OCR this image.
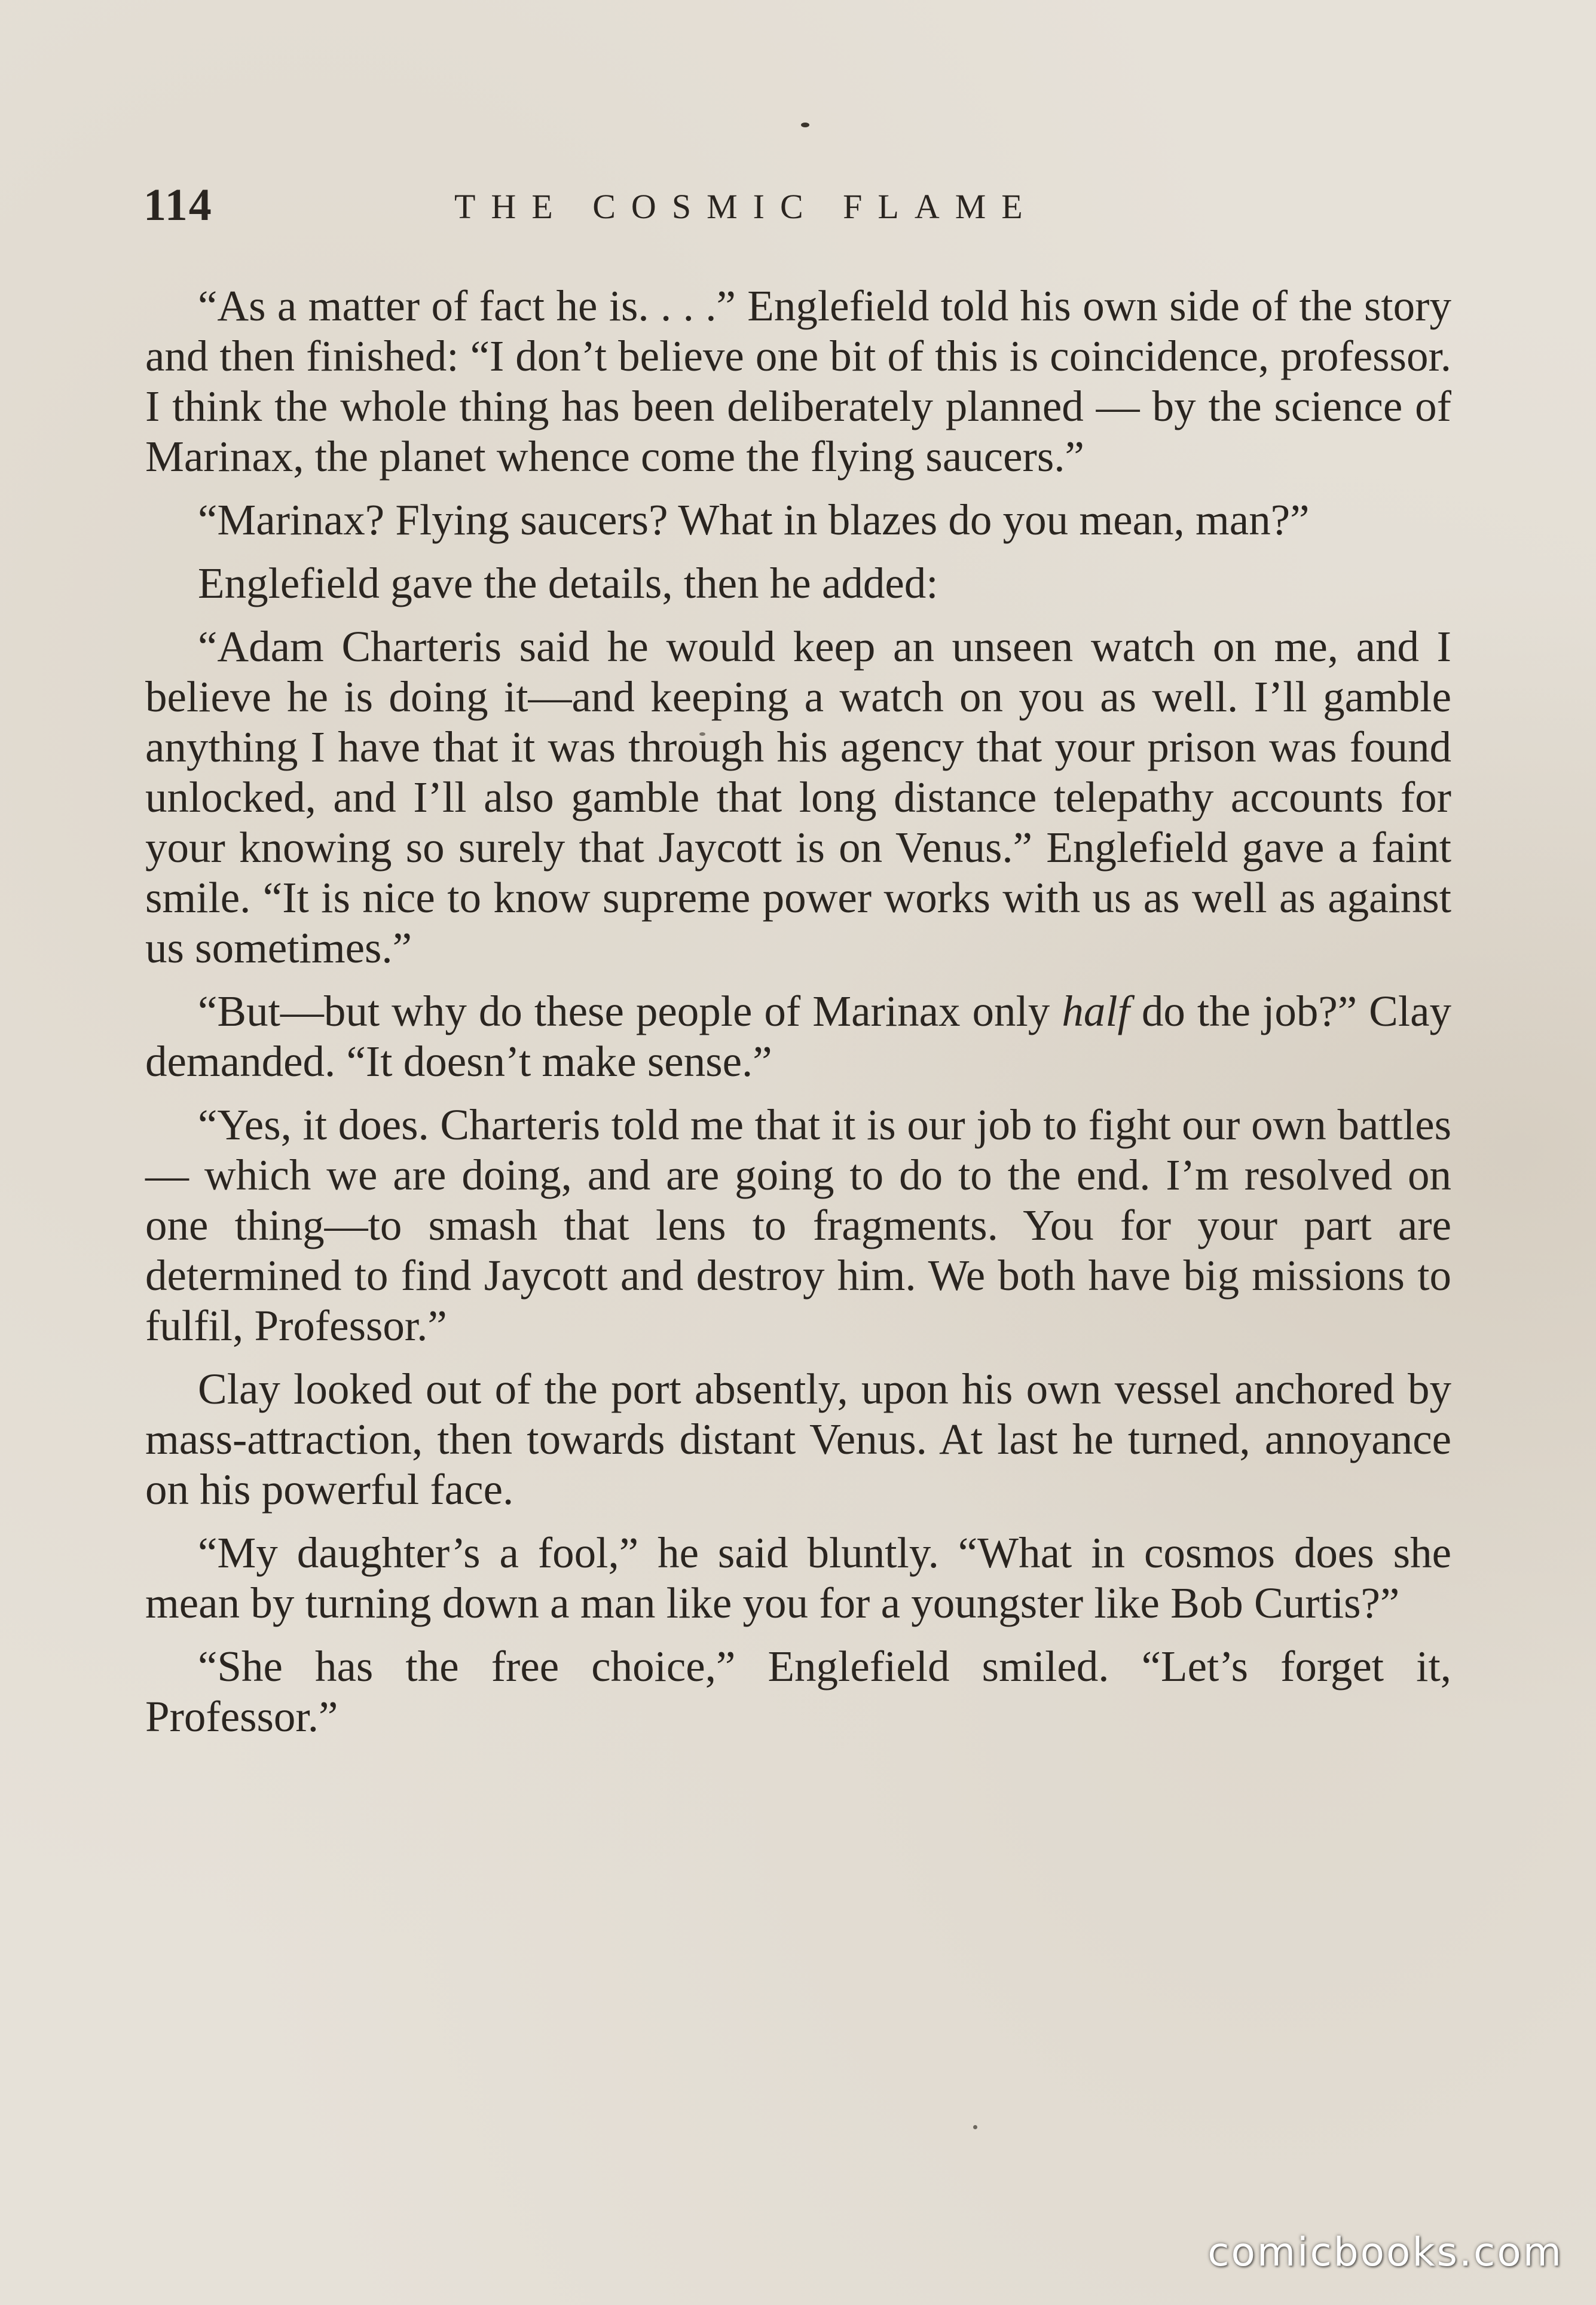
114	THE COSMIC FLAME

“As a matter of fact he is. . . .” Englefield told his own side of the story and then finished: “I don’t believe one bit of this is coincidence, professor. I think the whole thing has been deliberately planned — by the science of Marinax, the planet whence come the flying saucers.”

“Marinax? Flying saucers? What in blazes do you mean, man?”

Englefield gave the details, then he added:

“Adam Charteris said he would keep an unseen watch on me, and I believe he is doing it—and keeping a watch on you as well. I’ll gamble anything I have that it was through his agency that your prison was found unlocked, and I’ll also gamble that long distance telepathy accounts for your knowing so surely that Jaycott is on Venus.” Englefield gave a faint smile. “It is nice to know supreme power works with us as well as against us sometimes.”

“But—but why do these people of Marinax only half do the job?” Clay demanded. “It doesn’t make sense.”

“Yes, it does. Charteris told me that it is our job to fight our own battles — which we are doing, and are going to do to the end. I’m resolved on one thing—to smash that lens to fragments. You for your part are determined to find Jaycott and destroy him. We both have big missions to fulfil, Professor.”

Clay looked out of the port absently, upon his own vessel anchored by mass-attraction, then towards distant Venus. At last he turned, annoyance on his powerful face.

“My daughter’s a fool,” he said bluntly. “What in cosmos does she mean by turning down a man like you for a youngster like Bob Curtis?”

“She has the free choice,” Englefield smiled. “Let’s forget it, Professor.”

comicbooks.com
